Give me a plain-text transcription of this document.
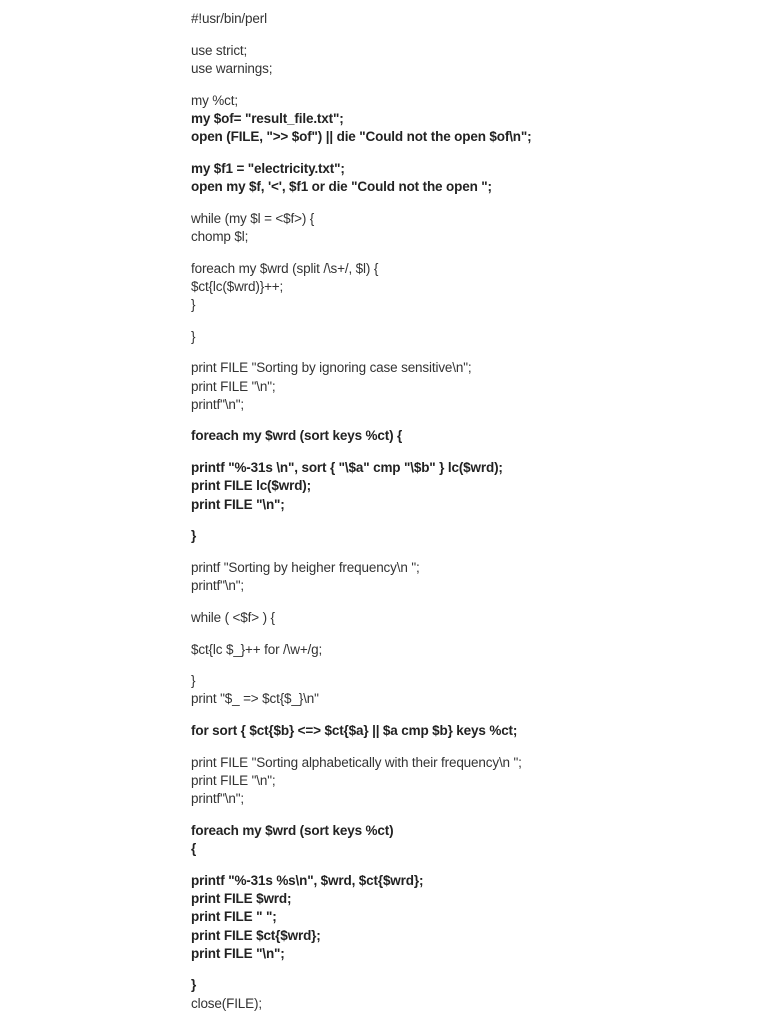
#!usr/bin/perl
use strict;
use warnings;
my %ct;
my $of= "result_file.txt";
open (FILE, ">> $of") || die "Could not the open $of\n";
my $f1 = "electricity.txt";
open my $f, '<', $f1 or die "Could not the open ";
while (my $l = <$f>) {
chomp $l;
foreach my $wrd (split /\s+/, $l) {
$ct{lc($wrd)}++;
}
}
print FILE "Sorting by ignoring case sensitive\n";
print FILE "\n";
printf"\n";
foreach my $wrd (sort keys %ct) {
printf "%-31s \n", sort { "\$a" cmp "\$b" } lc($wrd);
print FILE lc($wrd);
print FILE "\n";
}
printf "Sorting by heigher frequency\n ";
printf"\n";
while ( <$f> ) {
$ct{lc $_}++ for /\w+/g;
}
print "$_ => $ct{$_}\n"
for sort { $ct{$b} <=> $ct{$a} || $a cmp $b} keys %ct;
print FILE "Sorting alphabetically with their frequency\n ";
print FILE "\n";
printf"\n";
foreach my $wrd (sort keys %ct)
{
printf "%-31s %s\n", $wrd, $ct{$wrd};
print FILE $wrd;
print FILE " ";
print FILE $ct{$wrd};
print FILE "\n";
}
close(FILE);
